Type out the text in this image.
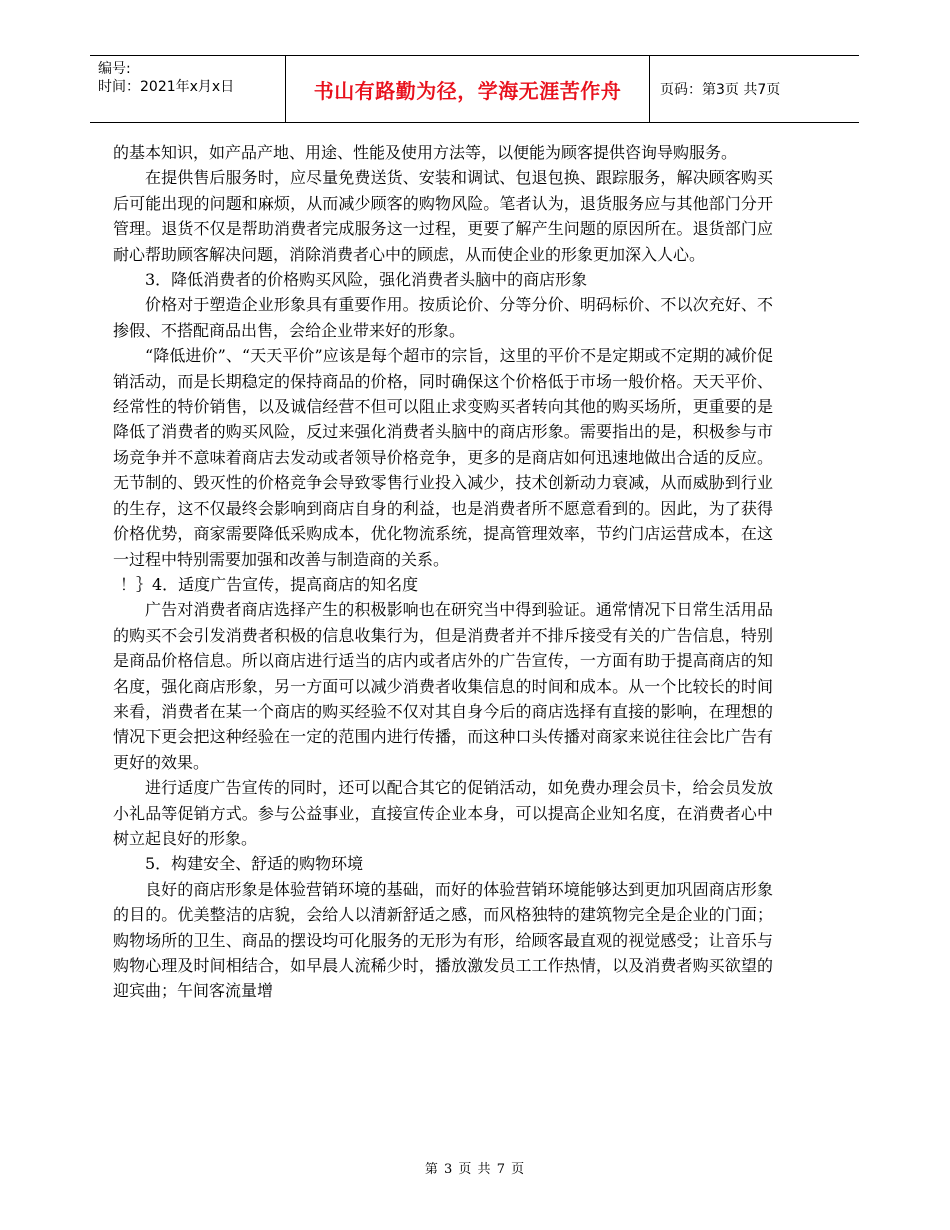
编号:
时间：2021年x月x日	书山有路勤为径，学海无涯苦作舟	页码：第3页 共7页

的基本知识，如产品产地、用途、性能及使用方法等，以便能为顾客提供咨询导购服务。

在提供售后服务时，应尽量免费送货、安装和调试、包退包换、跟踪服务，解决顾客购买后可能出现的问题和麻烦，从而减少顾客的购物风险。笔者认为，退货服务应与其他部门分开管理。退货不仅是帮助消费者完成服务这一过程，更要了解产生问题的原因所在。退货部门应耐心帮助顾客解决问题，消除消费者心中的顾虑，从而使企业的形象更加深入人心。

3．降低消费者的价格购买风险，强化消费者头脑中的商店形象

价格对于塑造企业形象具有重要作用。按质论价、分等分价、明码标价、不以次充好、不掺假、不搭配商品出售，会给企业带来好的形象。

“降低进价”、“天天平价”应该是每个超市的宗旨，这里的平价不是定期或不定期的减价促销活动，而是长期稳定的保持商品的价格，同时确保这个价格低于市场一般价格。天天平价、经常性的特价销售，以及诚信经营不但可以阻止求变购买者转向其他的购买场所，更重要的是降低了消费者的购买风险，反过来强化消费者头脑中的商店形象。需要指出的是，积极参与市场竞争并不意味着商店去发动或者领导价格竞争，更多的是商店如何迅速地做出合适的反应。无节制的、毁灭性的价格竞争会导致零售行业投入减少，技术创新动力衰减，从而威胁到行业的生存，这不仅最终会影响到商店自身的利益，也是消费者所不愿意看到的。因此，为了获得价格优势，商家需要降低采购成本，优化物流系统，提高管理效率，节约门店运营成本，在这一过程中特别需要加强和改善与制造商的关系。

！｝4．适度广告宣传，提高商店的知名度

广告对消费者商店选择产生的积极影响也在研究当中得到验证。通常情况下日常生活用品的购买不会引发消费者积极的信息收集行为，但是消费者并不排斥接受有关的广告信息，特别是商品价格信息。所以商店进行适当的店内或者店外的广告宣传，一方面有助于提高商店的知名度，强化商店形象，另一方面可以减少消费者收集信息的时间和成本。从一个比较长的时间来看，消费者在某一个商店的购买经验不仅对其自身今后的商店选择有直接的影响，在理想的情况下更会把这种经验在一定的范围内进行传播，而这种口头传播对商家来说往往会比广告有更好的效果。

进行适度广告宣传的同时，还可以配合其它的促销活动，如免费办理会员卡，给会员发放小礼品等促销方式。参与公益事业，直接宣传企业本身，可以提高企业知名度，在消费者心中树立起良好的形象。

5．构建安全、舒适的购物环境

良好的商店形象是体验营销环境的基础，而好的体验营销环境能够达到更加巩固商店形象的目的。优美整洁的店貌，会给人以清新舒适之感，而风格独特的建筑物完全是企业的门面；购物场所的卫生、商品的摆设均可化服务的无形为有形，给顾客最直观的视觉感受；让音乐与购物心理及时间相结合，如早晨人流稀少时，播放激发员工工作热情，以及消费者购买欲望的迎宾曲；午间客流量增

第 3 页 共 7 页
